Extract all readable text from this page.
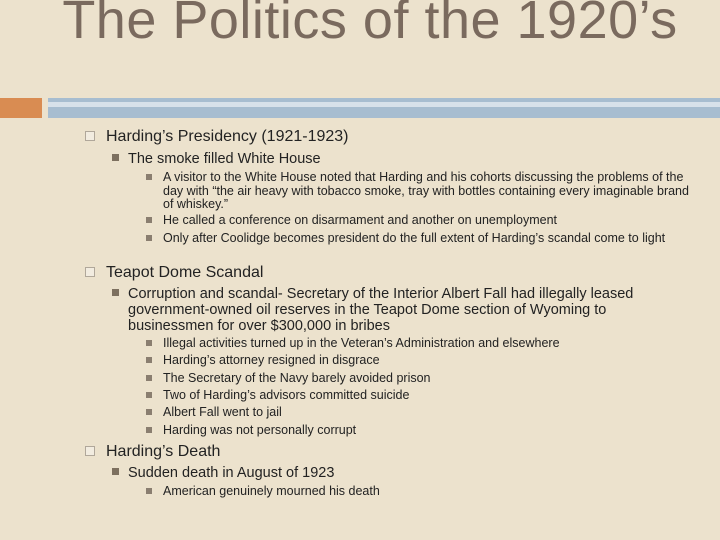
The Politics of the 1920’s
Harding’s Presidency (1921-1923)
The smoke filled White House
A visitor to the White House noted that Harding and his cohorts discussing the problems of the day with “the air heavy with tobacco smoke, tray with bottles containing every imaginable brand of whiskey.”
He called a conference on disarmament and another on unemployment
Only after Coolidge becomes president do the full extent of Harding’s scandal come to light
Teapot Dome Scandal
Corruption and scandal- Secretary of the Interior Albert Fall had illegally leased government-owned oil reserves in the Teapot Dome section of Wyoming to businessmen for over $300,000 in bribes
Illegal activities turned up in the Veteran’s Administration and elsewhere
Harding’s attorney resigned in disgrace
The Secretary of the Navy barely avoided prison
Two of Harding’s advisors committed suicide
Albert Fall went to jail
Harding was not personally corrupt
Harding’s Death
Sudden death in August of 1923
American genuinely mourned his death
